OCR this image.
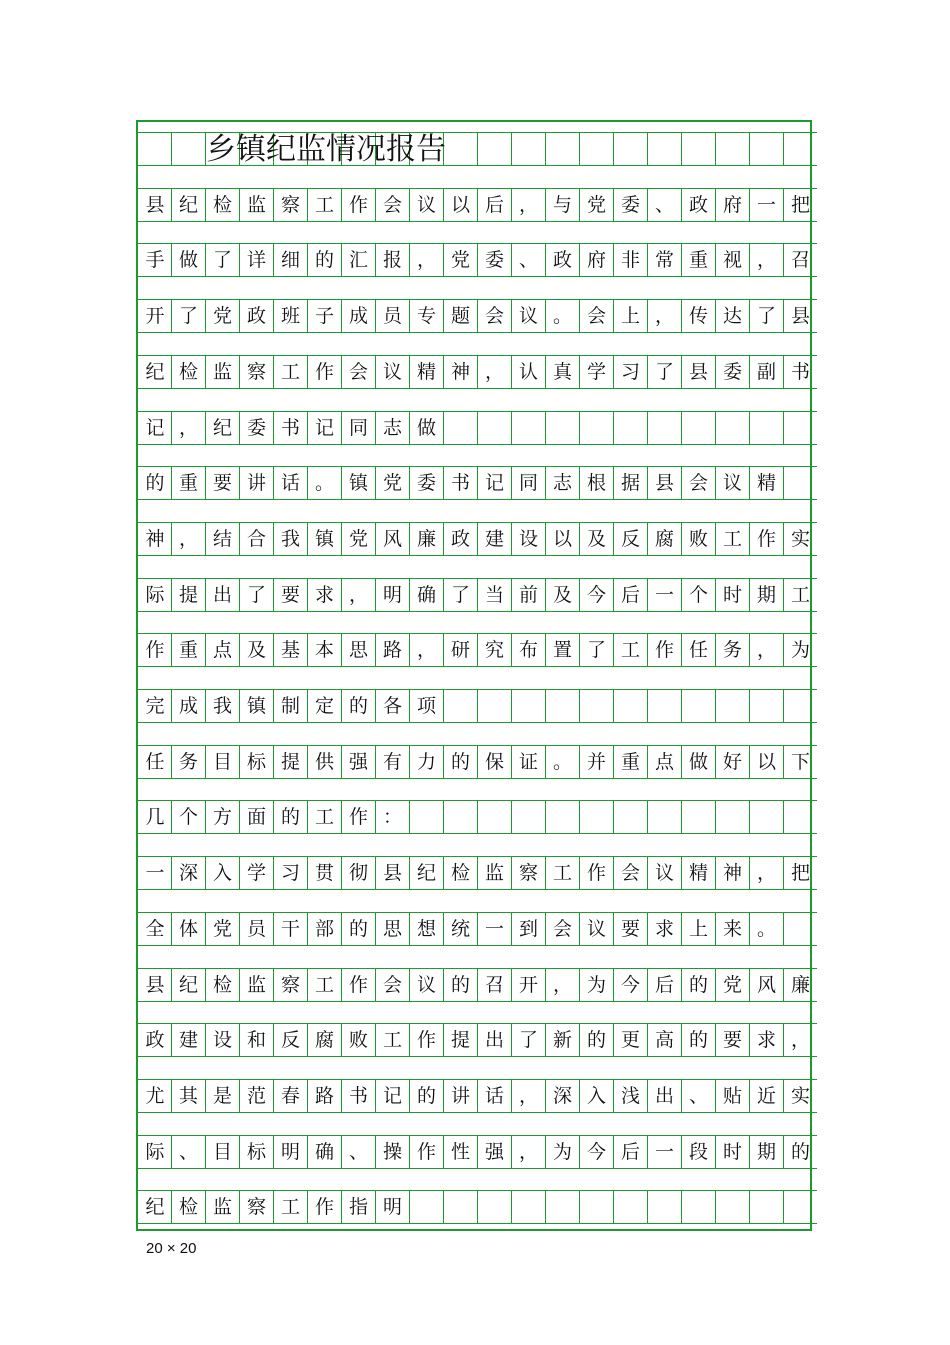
乡镇纪监情况报告
县 纪 检 监 察 工 作 会 议 以 后 ， 与 党 委 、 政 府 一 把
手 做 了 详 细 的 汇 报 ， 党 委 、 政 府 非 常 重 视 ， 召
开 了 党 政 班 子 成 员 专 题 会 议 。 会 上 ， 传 达 了 县
纪 检 监 察 工 作 会 议 精 神 ， 认 真 学 习 了 县 委 副 书
记 ， 纪 委 书 记 同 志 做
的 重 要 讲 话 。 镇 党 委 书 记 同 志 根 据 县 会 议 精
神 ， 结 合 我 镇 党 风 廉 政 建 设 以 及 反 腐 败 工 作 实
际 提 出 了 要 求 ， 明 确 了 当 前 及 今 后 一 个 时 期 工
作 重 点 及 基 本 思 路 ， 研 究 布 置 了 工 作 任 务 ， 为
完 成 我 镇 制 定 的 各 项
任 务 目 标 提 供 强 有 力 的 保 证 。 并 重 点 做 好 以 下
几 个 方 面 的 工 作 ：
一 深 入 学 习 贯 彻 县 纪 检 监 察 工 作 会 议 精 神 ， 把
全 体 党 员 干 部 的 思 想 统 一 到 会 议 要 求 上 来 。
县 纪 检 监 察 工 作 会 议 的 召 开 ， 为 今 后 的 党 风 廉
政 建 设 和 反 腐 败 工 作 提 出 了 新 的 更 高 的 要 求 ，
尤 其 是 范 春 路 书 记 的 讲 话 ， 深 入 浅 出 、 贴 近 实
际 、 目 标 明 确 、 操 作 性 强 ， 为 今 后 一 段 时 期 的
纪 检 监 察 工 作 指 明
20 × 20
